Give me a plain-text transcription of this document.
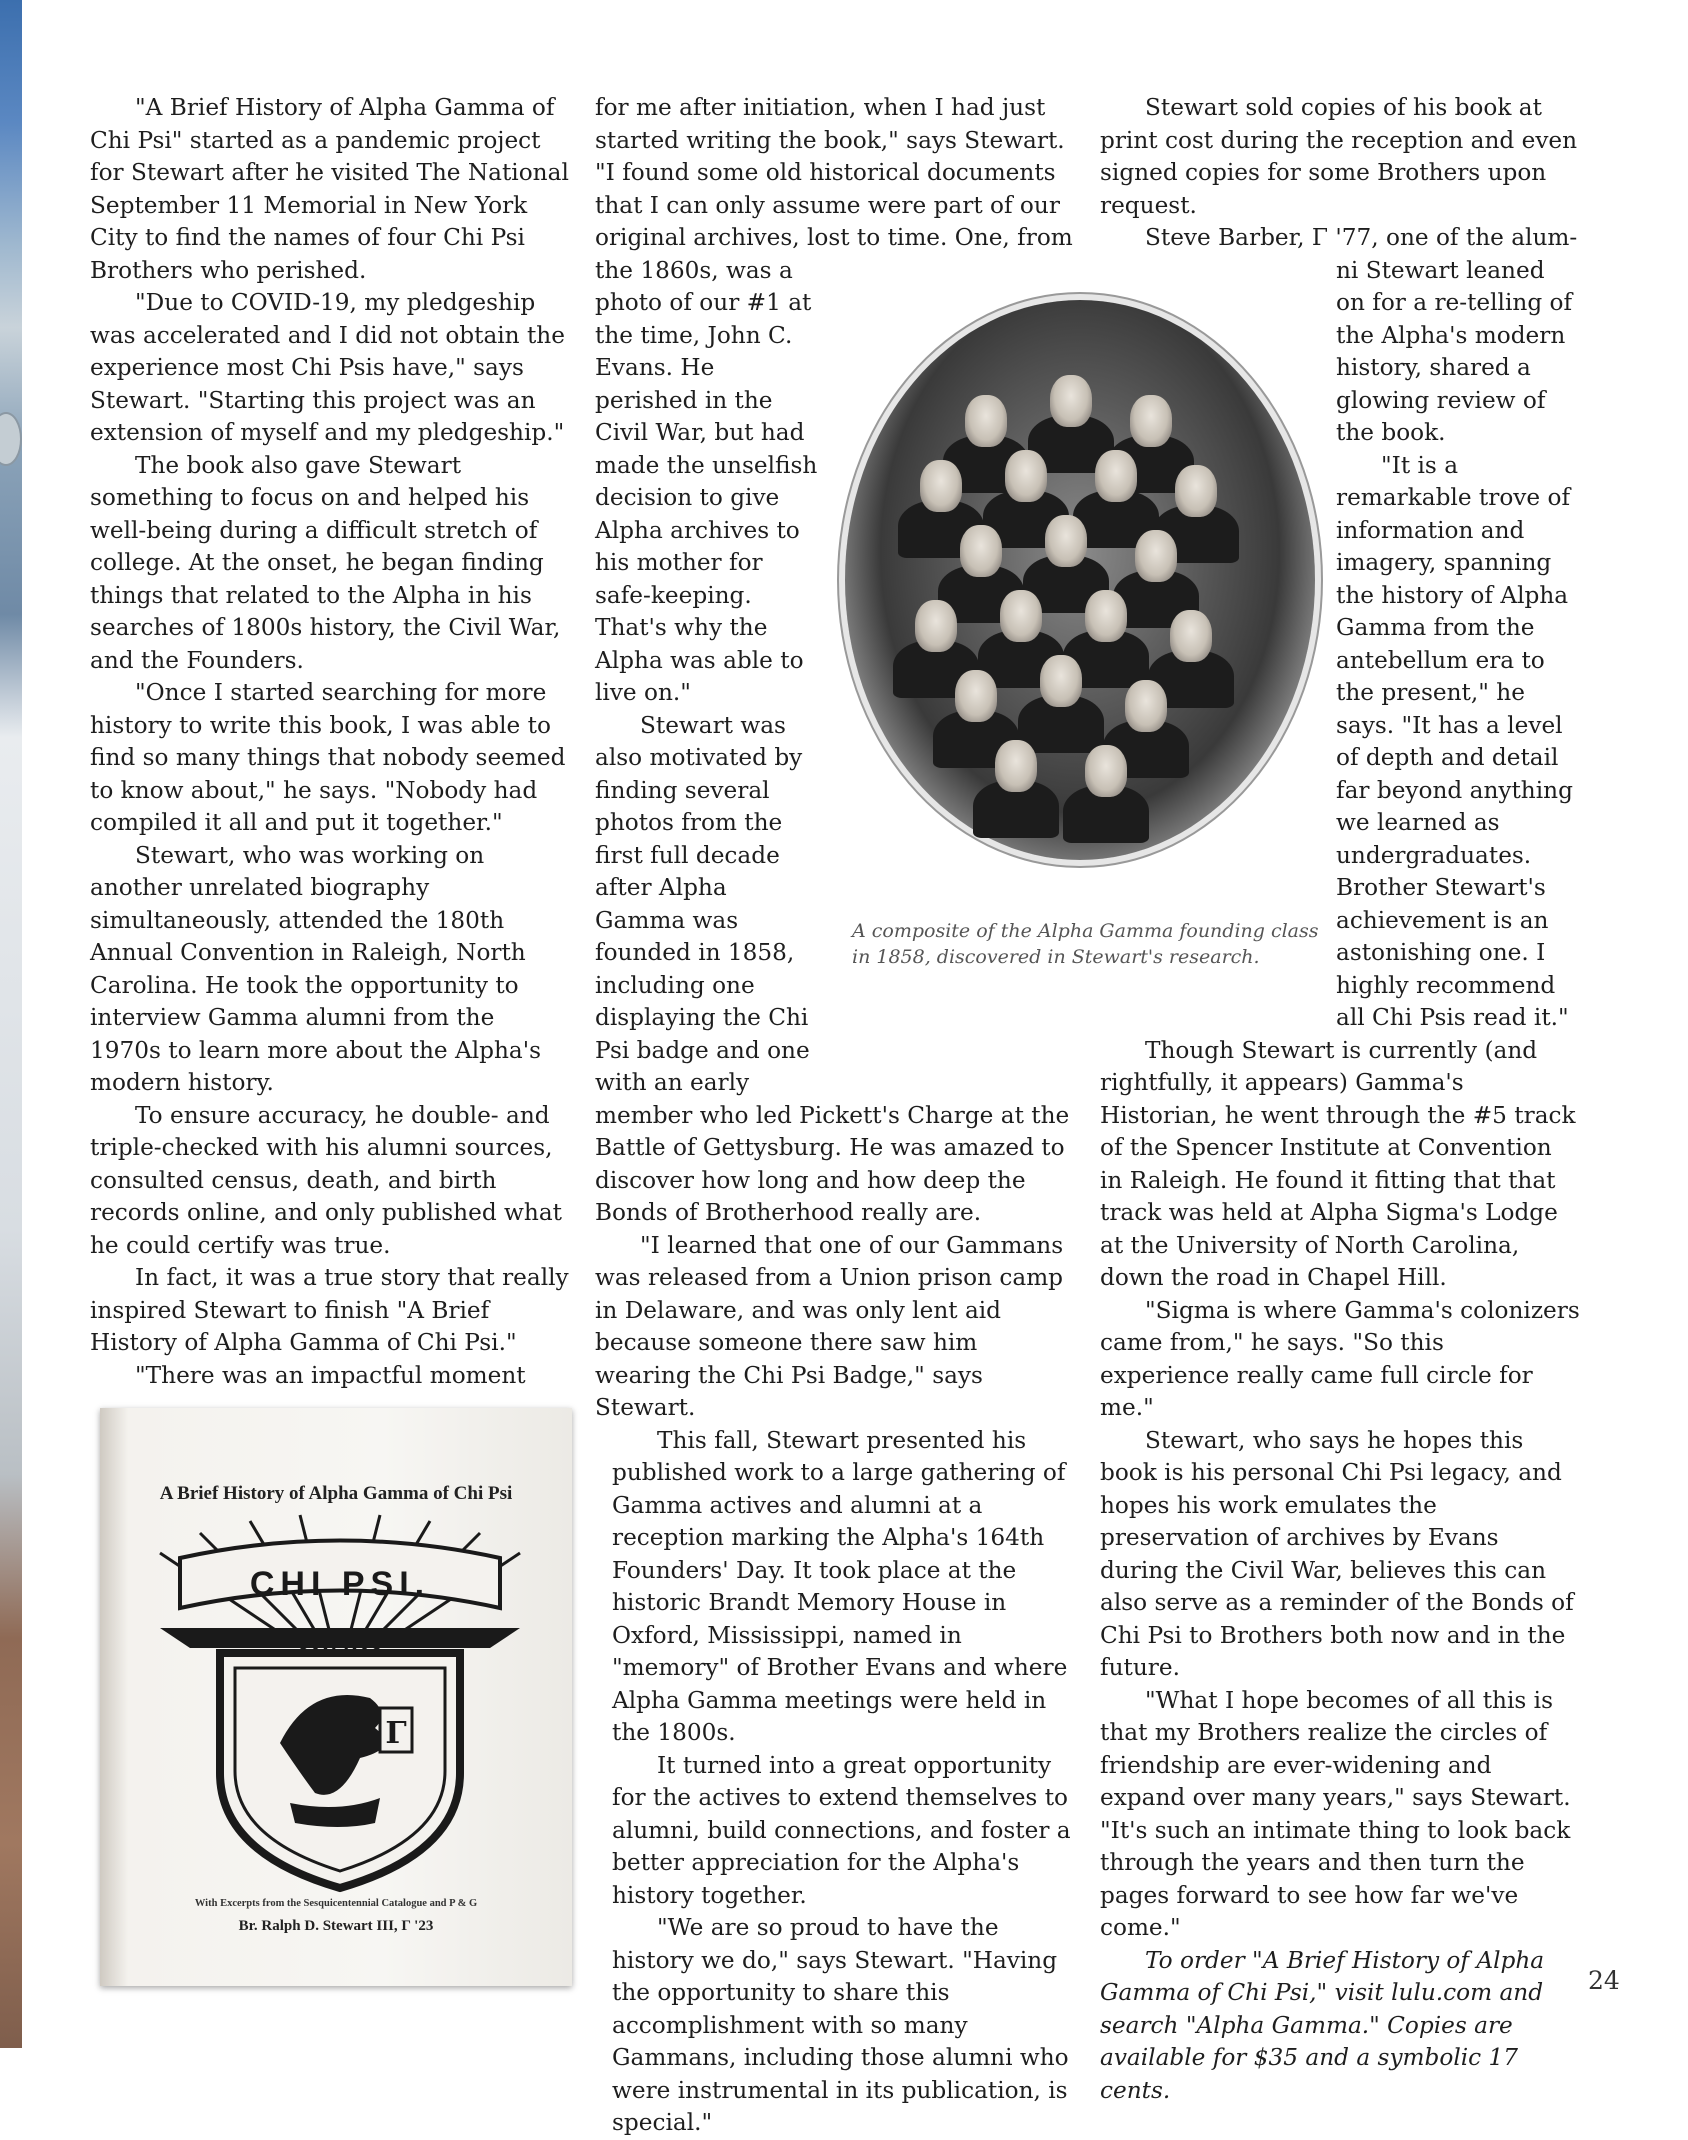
"A Brief History of Alpha Gamma of Chi Psi" started as a pandemic project for Stewart after he visited The National September 11 Memorial in New York City to find the names of four Chi Psi Brothers who perished.

"Due to COVID-19, my pledgeship was accelerated and I did not obtain the experience most Chi Psis have," says Stewart. "Starting this project was an extension of myself and my pledgeship."

The book also gave Stewart something to focus on and helped his well-being during a difficult stretch of college. At the onset, he began finding things that related to the Alpha in his searches of 1800s history, the Civil War, and the Founders.

"Once I started searching for more history to write this book, I was able to find so many things that nobody seemed to know about," he says. "Nobody had compiled it all and put it together."

Stewart, who was working on another unrelated biography simultaneously, attended the 180th Annual Convention in Raleigh, North Carolina. He took the opportunity to interview Gamma alumni from the 1970s to learn more about the Alpha's modern history.

To ensure accuracy, he double- and triple-checked with his alumni sources, consulted census, death, and birth records online, and only published what he could certify was true.

In fact, it was a true story that really inspired Stewart to finish "A Brief History of Alpha Gamma of Chi Psi."

"There was an impactful moment

for me after initiation, when I had just started writing the book," says Stewart. "I found some old historical documents that I can only assume were part of our original archives, lost to time. One, from

the 1860s, was a photo of our #1 at the time, John C. Evans. He perished in the Civil War, but had made the unselfish decision to give Alpha archives to his mother for safe-keeping. That's why the Alpha was able to live on."

Stewart was also motivated by finding several photos from the first full decade after Alpha Gamma was founded in 1858, including one displaying the Chi Psi badge and one with an early

member who led Pickett's Charge at the Battle of Gettysburg. He was amazed to discover how long and how deep the Bonds of Brotherhood really are.

"I learned that one of our Gammans was released from a Union prison camp in Delaware, and was only lent aid because someone there saw him wearing the Chi Psi Badge," says Stewart.

This fall, Stewart presented his published work to a large gathering of Gamma actives and alumni at a reception marking the Alpha's 164th Founders' Day. It took place at the historic Brandt Memory House in Oxford, Mississippi, named in "memory" of Brother Evans and where Alpha Gamma meetings were held in the 1800s.

It turned into a great opportunity for the actives to extend themselves to alumni, build connections, and foster a better appreciation for the Alpha's history together.

"We are so proud to have the history we do," says Stewart. "Having the opportunity to share this accomplishment with so many Gammans, including those alumni who were instrumental in its publication, is special."

Stewart sold copies of his book at print cost during the reception and even signed copies for some Brothers upon request.

Steve Barber, Γ '77, one of the alum-

ni Stewart leaned on for a re-telling of the Alpha's modern history, shared a glowing review of the book.

"It is a remarkable trove of information and imagery, spanning the history of Alpha Gamma from the antebellum era to the present," he says. "It has a level of depth and detail far beyond anything we learned as undergraduates. Brother Stewart's achievement is an astonishing one. I highly recommend all Chi Psis read it."

Though Stewart is currently (and rightfully, it appears) Gamma's Historian, he went through the #5 track of the Spencer Institute at Convention in Raleigh. He found it fitting that that track was held at Alpha Sigma's Lodge at the University of North Carolina, down the road in Chapel Hill.

"Sigma is where Gamma's colonizers came from," he says. "So this experience really came full circle for me."

Stewart, who says he hopes this book is his personal Chi Psi legacy, and hopes his work emulates the preservation of archives by Evans during the Civil War, believes this can also serve as a reminder of the Bonds of Chi Psi to Brothers both now and in the future.

"What I hope becomes of all this is that my Brothers realize the circles of friendship are ever-widening and expand over many years," says Stewart. "It's such an intimate thing to look back through the years and then turn the pages forward to see how far we've come."

To order "A Brief History of Alpha Gamma of Chi Psi," visit lulu.com and search "Alpha Gamma." Copies are available for $35 and a symbolic 17 cents.

A composite of the Alpha Gamma founding class in 1858, discovered in Stewart's research.
A Brief History of Alpha Gamma of Chi Psi
CHI PSI.
Γ
With Excerpts from the Sesquicentennial Catalogue and P & G
Br. Ralph D. Stewart III, Γ '23
24
